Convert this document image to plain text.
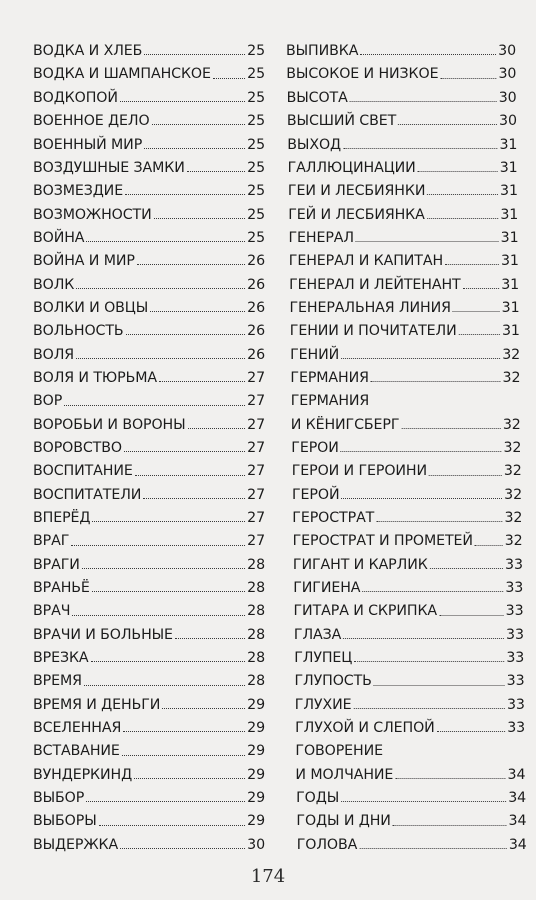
ВОДКА И ХЛЕБ	25
ВОДКА И ШАМПАНСКОЕ	25
ВОДКОПОЙ	25
ВОЕННОЕ ДЕЛО	25
ВОЕННЫЙ МИР	25
ВОЗДУШНЫЕ ЗАМКИ	25
ВОЗМЕЗДИЕ	25
ВОЗМОЖНОСТИ	25
ВОЙНА	25
ВОЙНА И МИР	26
ВОЛК	26
ВОЛКИ И ОВЦЫ	26
ВОЛЬНОСТЬ	26
ВОЛЯ	26
ВОЛЯ И ТЮРЬМА	27
ВОР	27
ВОРОБЬИ И ВОРОНЫ	27
ВОРОВСТВО	27
ВОСПИТАНИЕ	27
ВОСПИТАТЕЛИ	27
ВПЕРЁД	27
ВРАГ	27
ВРАГИ	28
ВРАНЬЁ	28
ВРАЧ	28
ВРАЧИ И БОЛЬНЫЕ	28
ВРЕЗКА	28
ВРЕМЯ	28
ВРЕМЯ И ДЕНЬГИ	29
ВСЕЛЕННАЯ	29
ВСТАВАНИЕ	29
ВУНДЕРКИНД	29
ВЫБОР	29
ВЫБОРЫ	29
ВЫДЕРЖКА	30
ВЫПИВКА	30
ВЫСОКОЕ И НИЗКОЕ	30
ВЫСОТА	30
ВЫСШИЙ СВЕТ	30
ВЫХОД	31
ГАЛЛЮЦИНАЦИИ	31
ГЕИ И ЛЕСБИЯНКИ	31
ГЕЙ И ЛЕСБИЯНКА	31
ГЕНЕРАЛ	31
ГЕНЕРАЛ И КАПИТАН	31
ГЕНЕРАЛ И ЛЕЙТЕНАНТ	31
ГЕНЕРАЛЬНАЯ ЛИНИЯ	31
ГЕНИИ И ПОЧИТАТЕЛИ	31
ГЕНИЙ	32
ГЕРМАНИЯ	32
ГЕРМАНИЯ
И КЁНИГСБЕРГ	32
ГЕРОИ	32
ГЕРОИ И ГЕРОИНИ	32
ГЕРОЙ	32
ГЕРОСТРАТ	32
ГЕРОСТРАТ И ПРОМЕТЕЙ 32
ГИГАНТ И КАРЛИК	33
ГИГИЕНА	33
ГИТАРА И СКРИПКА	33
ГЛАЗА	33
ГЛУПЕЦ	33
ГЛУПОСТЬ	33
ГЛУХИЕ	33
ГЛУХОЙ И СЛЕПОЙ	33
ГОВОРЕНИЕ
И МОЛЧАНИЕ	34
ГОДЫ	34
ГОДЫ И ДНИ	34
ГОЛОВА	34
174
